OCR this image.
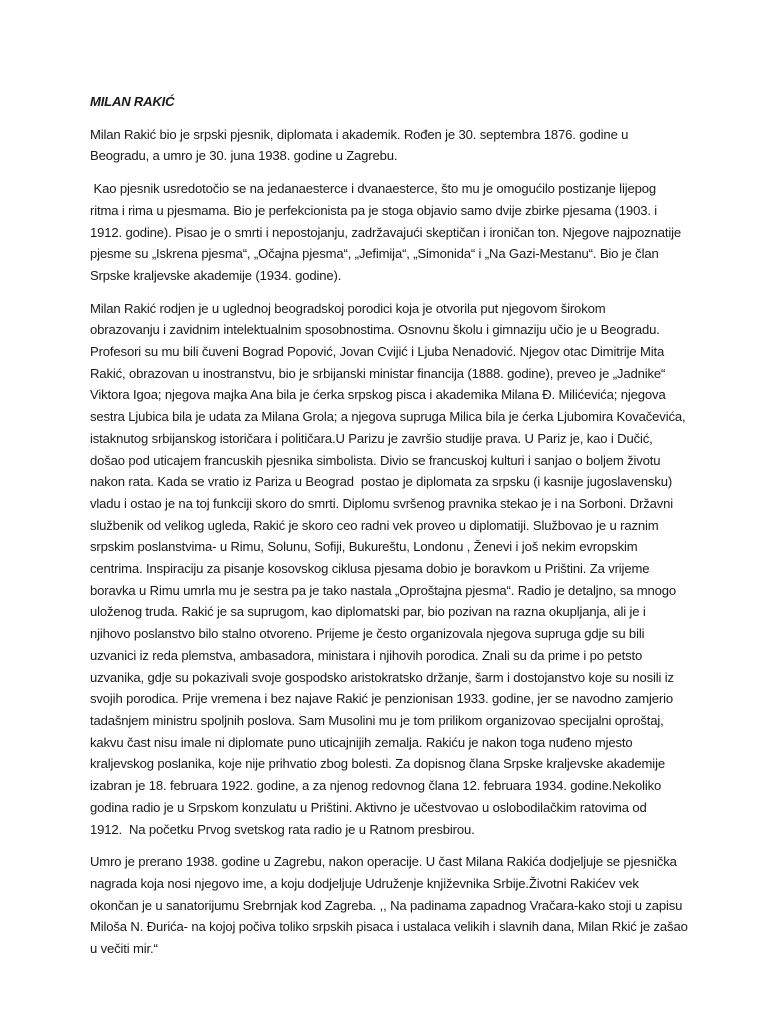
MILAN RAKIĆ
Milan Rakić bio je srpski pjesnik, diplomata i akademik. Rođen je 30. septembra 1876. godine u
Beogradu, a umro je 30. juna 1938. godine u Zagrebu.
Kao pjesnik usredotočio se na jedanaesterce i dvanaesterce, što mu je omogućilo postizanje lijepog
ritma i rima u pjesmama. Bio je perfekcionista pa je stoga objavio samo dvije zbirke pjesama (1903. i
1912. godine). Pisao je o smrti i nepostojanju, zadržavajući skeptičan i ironičan ton. Njegove najpoznatije
pjesme su „Iskrena pjesma“, „Očajna pjesma“, „Jefimija“, „Simonida“ i „Na Gazi-Mestanu“. Bio je član
Srpske kraljevske akademije (1934. godine).
Milan Rakić rodjen je u uglednoj beogradskoj porodici koja je otvorila put njegovom širokom
obrazovanju i zavidnim intelektualnim sposobnostima. Osnovnu školu i gimnaziju učio je u Beogradu.
Profesori su mu bili čuveni Bograd Popović, Jovan Cvijić i Ljuba Nenadović. Njegov otac Dimitrije Mita
Rakić, obrazovan u inostranstvu, bio je srbijanski ministar financija (1888. godine), preveo je „Jadnike“
Viktora Igoa; njegova majka Ana bila je ćerka srpskog pisca i akademika Milana Đ. Milićevića; njegova
sestra Ljubica bila je udata za Milana Grola; a njegova supruga Milica bila je ćerka Ljubomira Kovačevića,
istaknutog srbijanskog istoričara i političara.U Parizu je završio studije prava. U Pariz je, kao i Dučić,
došao pod uticajem francuskih pjesnika simbolista. Divio se francuskoj kulturi i sanjao o boljem životu
nakon rata. Kada se vratio iz Pariza u Beograd  postao je diplomata za srpsku (i kasnije jugoslavensku)
vladu i ostao je na toj funkciji skoro do smrti. Diplomu svršenog pravnika stekao je i na Sorboni. Državni
službenik od velikog ugleda, Rakić je skoro ceo radni vek proveo u diplomatiji. Službovao je u raznim
srpskim poslanstvima- u Rimu, Solunu, Sofiji, Bukureštu, Londonu , Ženevi i još nekim evropskim
centrima. Inspiraciju za pisanje kosovskog ciklusa pjesama dobio je boravkom u Prištini. Za vrijeme
boravka u Rimu umrla mu je sestra pa je tako nastala „Oproštajna pjesma“. Radio je detaljno, sa mnogo
uloženog truda. Rakić je sa suprugom, kao diplomatski par, bio pozivan na razna okupljanja, ali je i
njihovo poslanstvo bilo stalno otvoreno. Prijeme je često organizovala njegova supruga gdje su bili
uzvanici iz reda plemstva, ambasadora, ministara i njihovih porodica. Znali su da prime i po petsto
uzvanika, gdje su pokazivali svoje gospodsko aristokratsko držanje, šarm i dostojanstvo koje su nosili iz
svojih porodica. Prije vremena i bez najave Rakić je penzionisan 1933. godine, jer se navodno zamjerio
tadašnjem ministru spoljnih poslova. Sam Musolini mu je tom prilikom organizovao specijalni oproštaj,
kakvu čast nisu imale ni diplomate puno uticajnijih zemalja. Rakiću je nakon toga nuđeno mjesto
kraljevskog poslanika, koje nije prihvatio zbog bolesti. Za dopisnog člana Srpske kraljevske akademije
izabran je 18. februara 1922. godine, a za njenog redovnog člana 12. februara 1934. godine.Nekoliko
godina radio je u Srpskom konzulatu u Prištini. Aktivno je učestvovao u oslobodilačkim ratovima od
1912.  Na početku Prvog svetskog rata radio je u Ratnom presbirou.
Umro je prerano 1938. godine u Zagrebu, nakon operacije. U čast Milana Rakića dodjeljuje se pjesnička
nagrada koja nosi njegovo ime, a koju dodjeljuje Udruženje književnika Srbije.Životni Rakićev vek
okončan je u sanatorijumu Srebrnjak kod Zagreba. ,, Na padinama zapadnog Vračara-kako stoji u zapisu
Miloša N. Đurića- na kojoj počiva toliko srpskih pisaca i ustalaca velikih i slavnih dana, Milan Rkić je zašao
u večiti mir.“
